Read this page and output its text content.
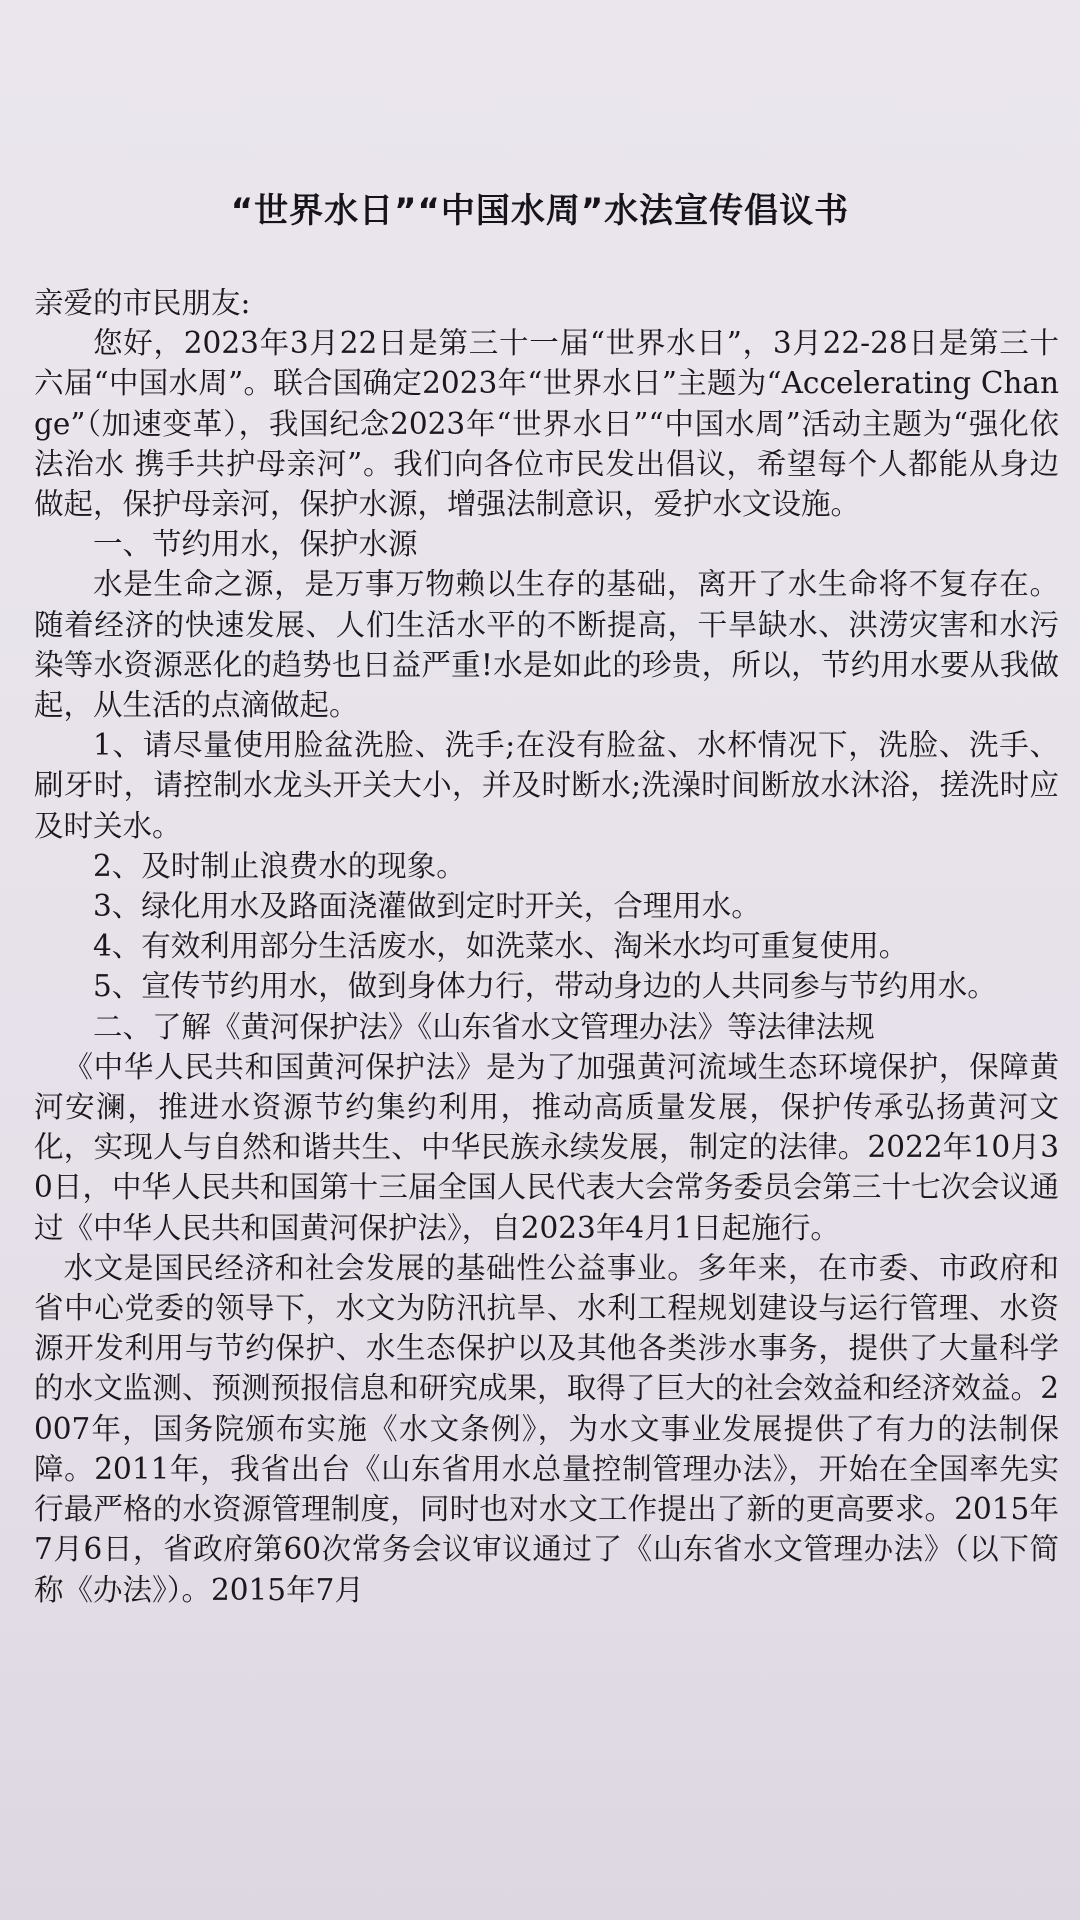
“世界水日”“中国水周”水法宣传倡议书

亲爱的市民朋友:

您好，2023年3月22日是第三十一届“世界水日”，3月22-28日是第三十六届“中国水周”。联合国确定2023年“世界水日”主题为“Accelerating Change”（加速变革），我国纪念2023年“世界水日”“中国水周”活动主题为“强化依法治水 携手共护母亲河”。我们向各位市民发出倡议，希望每个人都能从身边做起，保护母亲河，保护水源，增强法制意识，爱护水文设施。

一、节约用水，保护水源

水是生命之源，是万事万物赖以生存的基础，离开了水生命将不复存在。随着经济的快速发展、人们生活水平的不断提高，干旱缺水、洪涝灾害和水污染等水资源恶化的趋势也日益严重!水是如此的珍贵，所以，节约用水要从我做起，从生活的点滴做起。

1、请尽量使用脸盆洗脸、洗手;在没有脸盆、水杯情况下，洗脸、洗手、刷牙时，请控制水龙头开关大小，并及时断水;洗澡时间断放水沐浴，搓洗时应及时关水。

2、及时制止浪费水的现象。

3、绿化用水及路面浇灌做到定时开关，合理用水。

4、有效利用部分生活废水，如洗菜水、淘米水均可重复使用。

5、宣传节约用水，做到身体力行，带动身边的人共同参与节约用水。

二、了解《黄河保护法》《山东省水文管理办法》等法律法规

《中华人民共和国黄河保护法》是为了加强黄河流域生态环境保护，保障黄河安澜，推进水资源节约集约利用，推动高质量发展，保护传承弘扬黄河文化，实现人与自然和谐共生、中华民族永续发展，制定的法律。2022年10月30日，中华人民共和国第十三届全国人民代表大会常务委员会第三十七次会议通过《中华人民共和国黄河保护法》，自2023年4月1日起施行。

水文是国民经济和社会发展的基础性公益事业。多年来，在市委、市政府和省中心党委的领导下，水文为防汛抗旱、水利工程规划建设与运行管理、水资源开发利用与节约保护、水生态保护以及其他各类涉水事务，提供了大量科学的水文监测、预测预报信息和研究成果，取得了巨大的社会效益和经济效益。2007年，国务院颁布实施《水文条例》，为水文事业发展提供了有力的法制保障。2011年，我省出台《山东省用水总量控制管理办法》，开始在全国率先实行最严格的水资源管理制度，同时也对水文工作提出了新的更高要求。2015年7月6日，省政府第60次常务会议审议通过了《山东省水文管理办法》（以下简称《办法》）。2015年7月
